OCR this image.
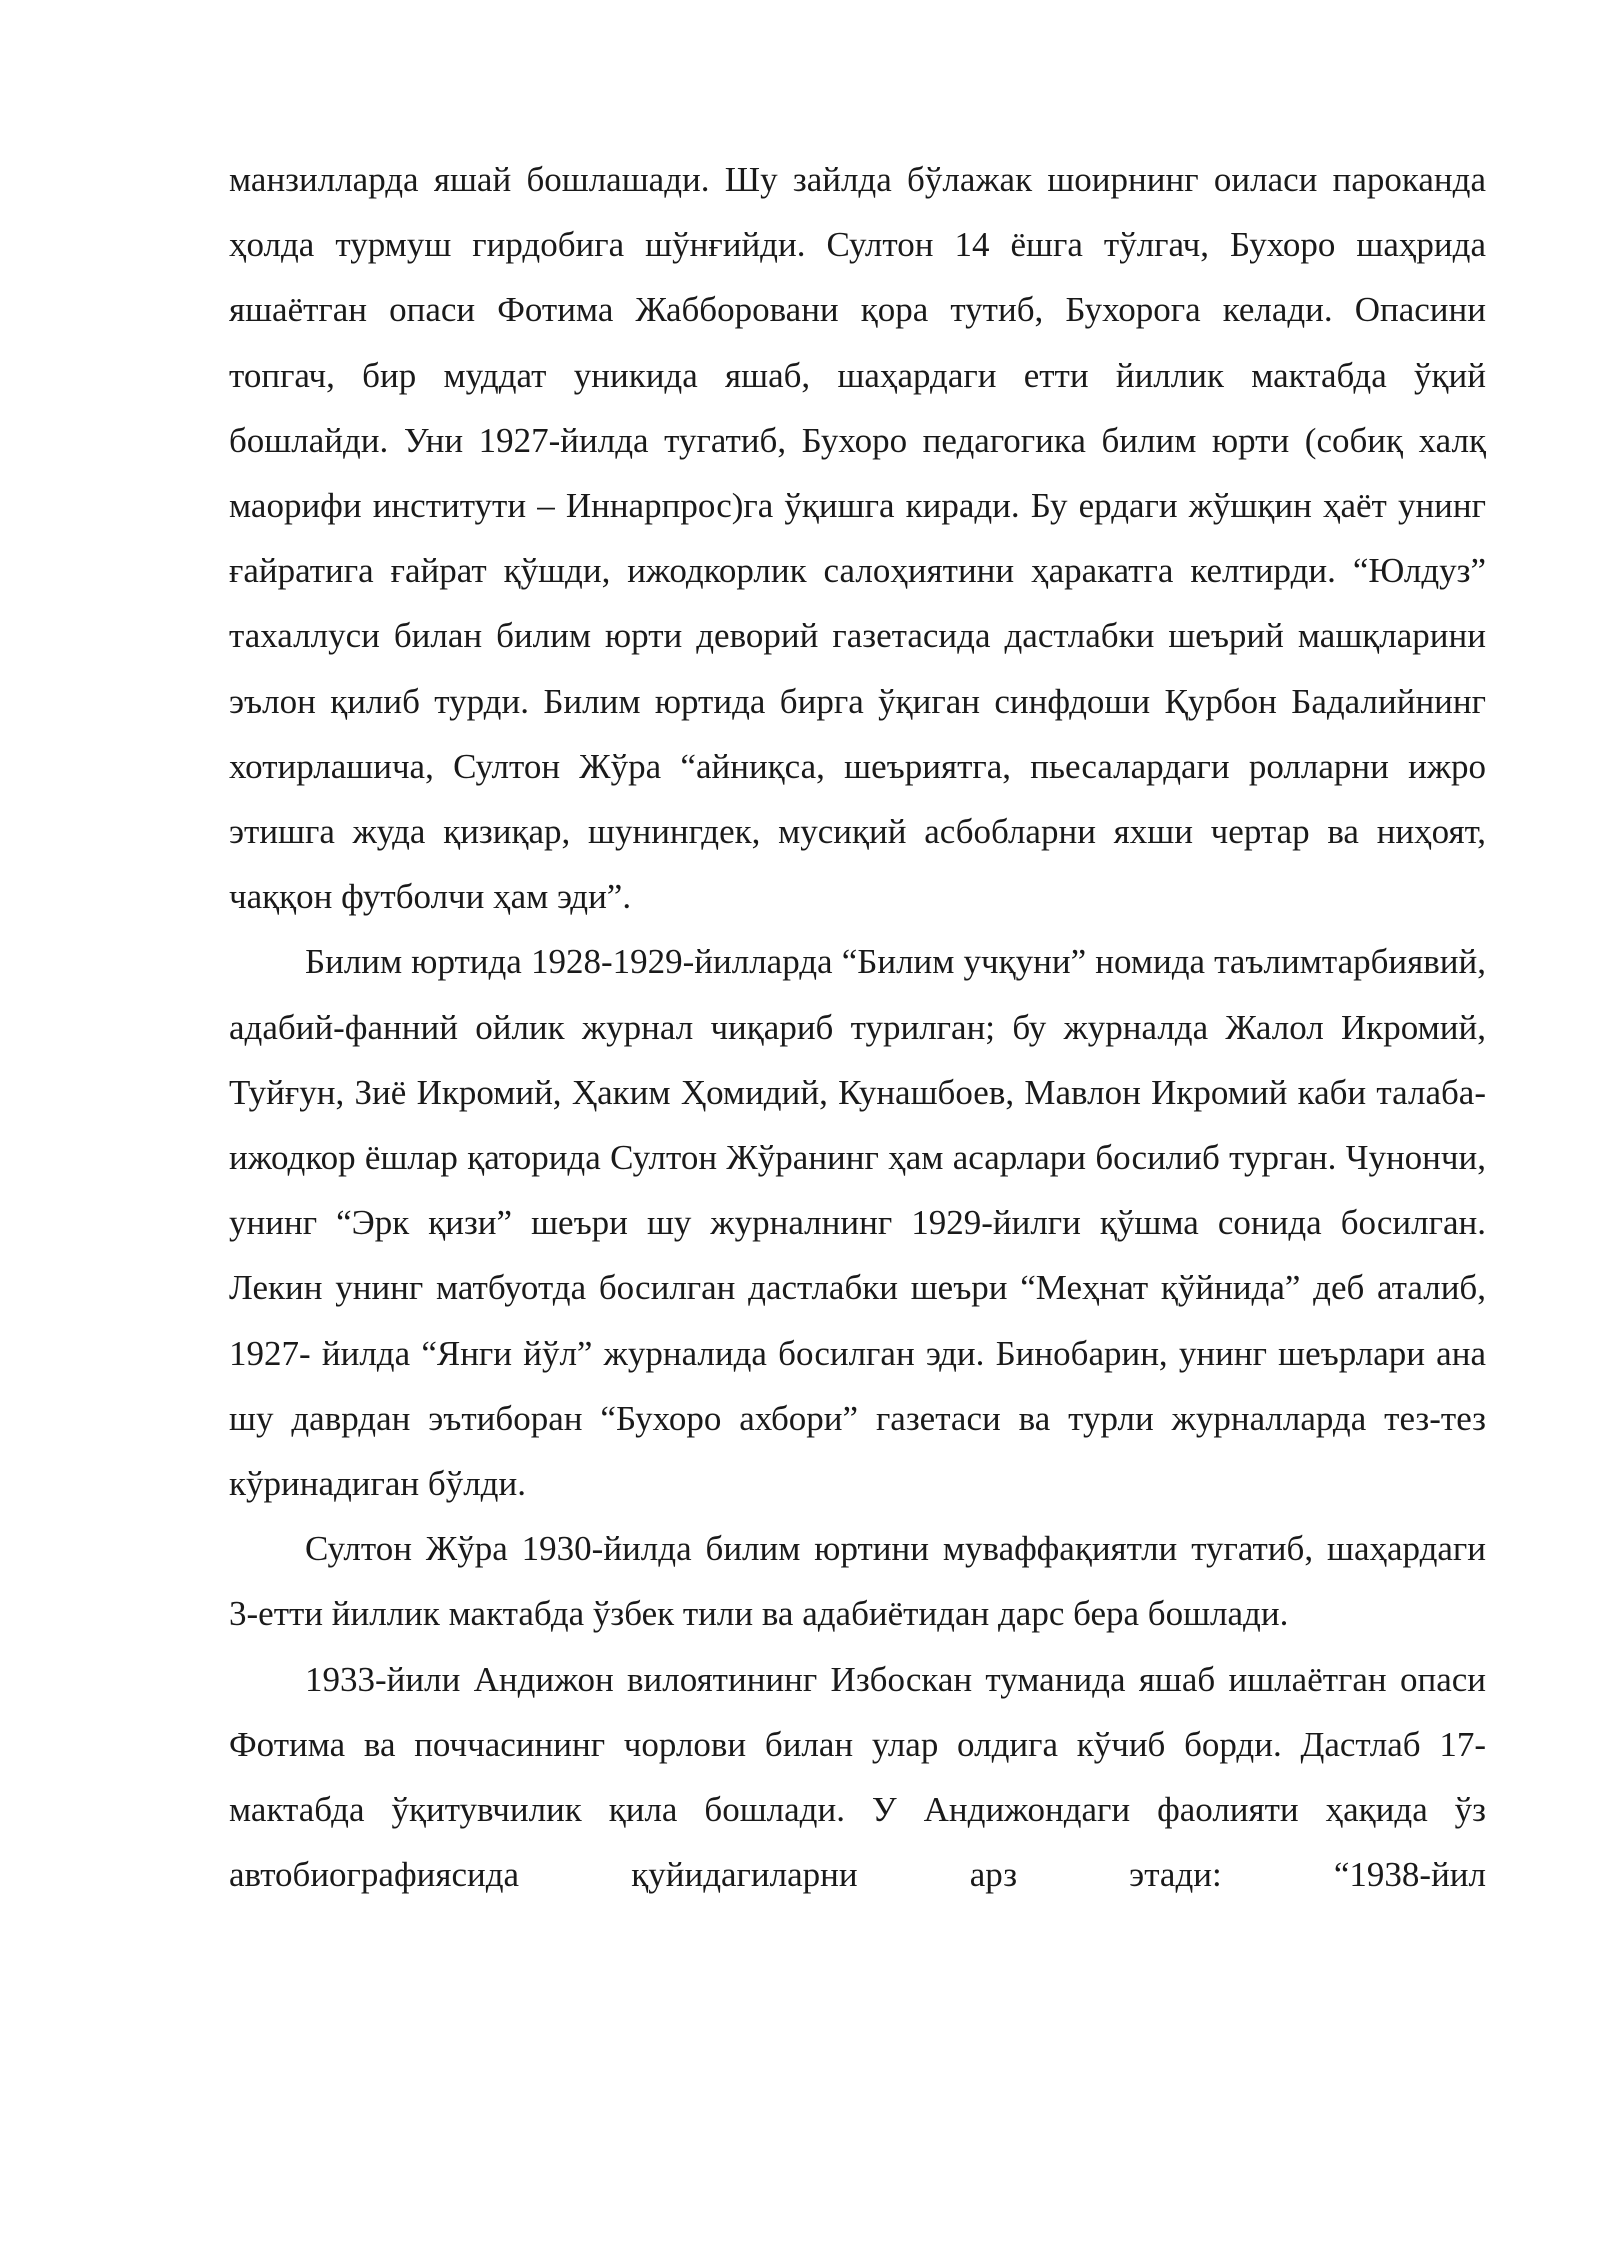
манзилларда яшай бошлашади. Шу зайлда бўлажак шоирнинг оиласи пароканда ҳолда турмуш гирдобига шўнғийди. Султон 14 ёшга тўлгач, Бухоро шаҳрида яшаётган опаси Фотима Жабборовани қора тутиб, Бухорога келади. Опасини топгач, бир муддат уникида яшаб, шаҳардаги етти йиллик мактабда ўқий бошлайди. Уни 1927-йилда тугатиб, Бухоро педагогика билим юрти (собиқ халқ маорифи институти – Иннарпрос)га ўқишга киради. Бу ердаги жўшқин ҳаёт унинг ғайратига ғайрат қўшди, ижодкорлик салоҳиятини ҳаракатга келтирди. “Юлдуз” тахаллуси билан билим юрти деворий газетасида дастлабки шеърий машқларини эълон қилиб турди. Билим юртида бирга ўқиган синфдоши Қурбон Бадалийнинг хотирлашича, Султон Жўра “айниқса, шеъриятга, пьесалардаги ролларни ижро этишга жуда қизиқар, шунингдек, мусиқий асбобларни яхши чертар ва ниҳоят, чаққон футболчи ҳам эди”.

Билим юртида 1928-1929-йилларда “Билим учқуни” номида таълимтарбиявий, адабий-фанний ойлик журнал чиқариб турилган; бу журналда Жалол Икромий, Туйғун, Зиё Икромий, Ҳаким Ҳомидий, Кунашбоев, Мавлон Икромий каби талаба-ижодкор ёшлар қаторида Султон Жўранинг ҳам асарлари босилиб турган. Чунончи, унинг “Эрк қизи” шеъри шу журналнинг 1929-йилги қўшма сонида босилган. Лекин унинг матбуотда босилган дастлабки шеъри “Меҳнат қўйнида” деб аталиб, 1927- йилда “Янги йўл” журналида босилган эди. Бинобарин, унинг шеърлари ана шу даврдан эътиборан “Бухоро ахбори” газетаси ва турли журналларда тез-тез кўринадиган бўлди.

Султон Жўра 1930-йилда билим юртини муваффақиятли тугатиб, шаҳардаги 3-етти йиллик мактабда ўзбек тили ва адабиётидан дарс бера бошлади.

1933-йили Андижон вилоятининг Избоскан туманида яшаб ишлаётган опаси Фотима ва поччасининг чорлови билан улар олдига кўчиб борди. Дастлаб 17-мактабда ўқитувчилик қила бошлади. У Андижондаги фаолияти ҳақида ўз автобиографиясида қуйидагиларни арз этади: “1938-йил
